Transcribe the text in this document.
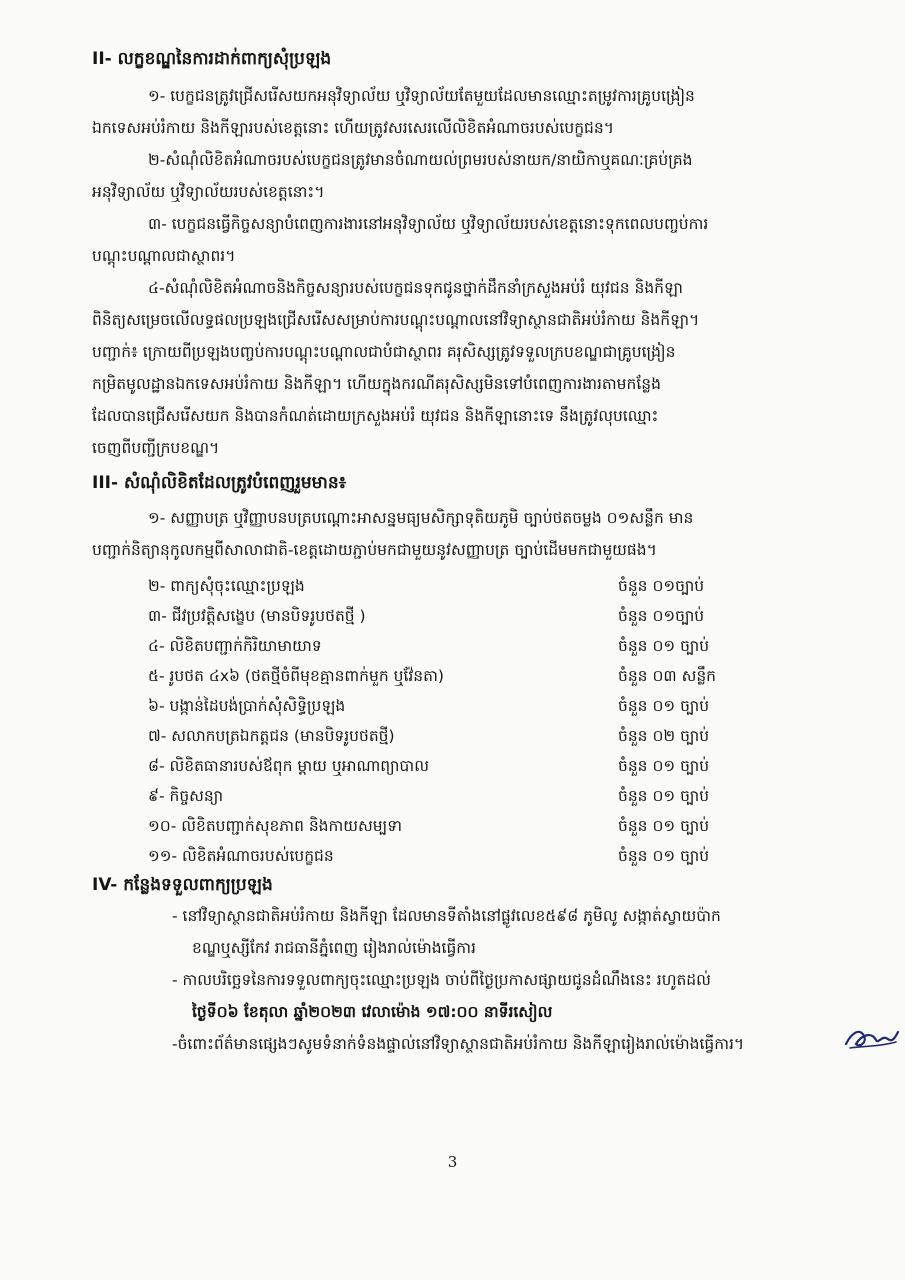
II- លក្ខខណ្ឌនៃការដាក់ពាក្យសុំប្រឡង
១- បេក្ខជនត្រូវជ្រើសរើសយកអនុវិទ្យាល័យ ឬវិទ្យាល័យតែមួយដែលមានឈ្មោះតម្រូវការគ្រូបង្រៀន
ឯកទេសអប់រំកាយ និងកីឡារបស់ខេត្តនោះ ហើយត្រូវសរសេរលើលិខិតអំណាចរបស់បេក្ខជន។
២-សំណុំលិខិតអំណាចរបស់បេក្ខជនត្រូវមានចំណាយល់ព្រមរបស់នាយក/នាយិកាឬគណៈគ្រប់គ្រង
អនុវិទ្យាល័យ ឬវិទ្យាល័យរបស់ខេត្តនោះ។
៣- បេក្ខជនធ្វើកិច្ចសន្យាបំពេញការងារនៅអនុវិទ្យាល័យ ឬវិទ្យាល័យរបស់ខេត្តនោះទុកពេលបញ្ចប់ការ
បណ្តុះបណ្តាលជាស្ថាពរ។
៤-សំណុំលិខិតអំណាចនិងកិច្ចសន្យារបស់បេក្ខជនទុកជូនថ្នាក់ដឹកនាំក្រសួងអប់រំ យុវជន និងកីឡា
ពិនិត្យសម្រេចលើលទ្ធផលប្រឡងជ្រើសរើសសម្រាប់ការបណ្តុះបណ្តាលនៅវិទ្យាស្ថានជាតិអប់រំកាយ និងកីឡា។
បញ្ជាក់៖ ក្រោយពីប្រឡងបញ្ចប់ការបណ្តុះបណ្តាលជាបំជាស្ថាពរ គរុសិស្សត្រូវទទួលក្របខណ្ឌជាគ្រូបង្រៀន
កម្រិតមូលដ្ឋានឯកទេសអប់រំកាយ និងកីឡា។ ហើយក្នុងករណីគរុសិស្សមិនទៅបំពេញការងារតាមកន្លែង
ដែលបានជ្រើសរើសយក និងបានកំណត់ដោយក្រសួងអប់រំ យុវជន និងកីឡានោះទេ នឹងត្រូវលុបឈ្មោះ
ចេញពីបញ្ជីក្របខណ្ឌ។
III- សំណុំលិខិតដែលត្រូវបំពេញរួមមាន៖
១- សញ្ញាបត្រ ឬវិញ្ញាបនបត្របណ្តោះអាសន្នមធ្យមសិក្សាទុតិយភូមិ ច្បាប់ថតចម្លង ០១សន្លឹក មាន
បញ្ជាក់និត្យានុកូលកម្មពីសាលាជាតិ-ខេត្តដោយភ្ជាប់មកជាមួយនូវសញ្ញាបត្រ ច្បាប់ដើមមកជាមួយផង។
២- ពាក្យសុំចុះឈ្មោះប្រឡង	ចំនួន ០១ច្បាប់
៣- ជីវប្រវត្តិសង្ខេប (មានបិទរូបថតថ្មី )	ចំនួន ០១ច្បាប់
៤- លិខិតបញ្ជាក់កិរិយាមាយាទ	ចំនួន ០១ ច្បាប់
៥- រូបថត ៤x៦ (ថតថ្មីចំពីមុខគ្មានពាក់មួក ឬវ៉ែនតា)	ចំនួន ០៣ សន្លឹក
៦- បង្កាន់ដៃបង់ប្រាក់សុំសិទ្ធិប្រឡង	ចំនួន ០១ ច្បាប់
៧- សលាកបត្រឯកត្តជន (មានបិទរូបថតថ្មី)	ចំនួន ០២ ច្បាប់
៨- លិខិតធានារបស់ឪពុក ម្តាយ ឬអាណាព្យាបាល	ចំនួន ០១ ច្បាប់
៩- កិច្ចសន្យា	ចំនួន ០១ ច្បាប់
១០- លិខិតបញ្ជាក់សុខភាព និងកាយសម្បទា	ចំនួន ០១ ច្បាប់
១១- លិខិតអំណាចរបស់បេក្ខជន	ចំនួន ០១ ច្បាប់
IV- កន្លែងទទួលពាក្យប្រឡង
- នៅវិទ្យាស្ថានជាតិអប់រំកាយ និងកីឡា ដែលមានទីតាំងនៅផ្លូវលេខ៥៩៨ ភូមិលូ សង្កាត់ស្វាយប៉ាក
ខណ្ឌឬស្សីកែវ រាជធានីភ្នំពេញ រៀងរាល់ម៉ោងធ្វើការ
- កាលបរិច្ឆេទនៃការទទួលពាក្យចុះឈ្មោះប្រឡង ចាប់ពីថ្ងៃប្រកាសផ្សាយជូនដំណឹងនេះ រហូតដល់
ថ្ងៃទី០៦ ខែតុលា ឆ្នាំ២០២៣ វេលាម៉ោង ១៧:០០ នាទីរសៀល
-ចំពោះព័ត៌មានផ្សេងៗសូមទំនាក់ទំនងផ្ទាល់នៅវិទ្យាស្ថានជាតិអប់រំកាយ និងកីឡារៀងរាល់ម៉ោងធ្វើការ។
3
